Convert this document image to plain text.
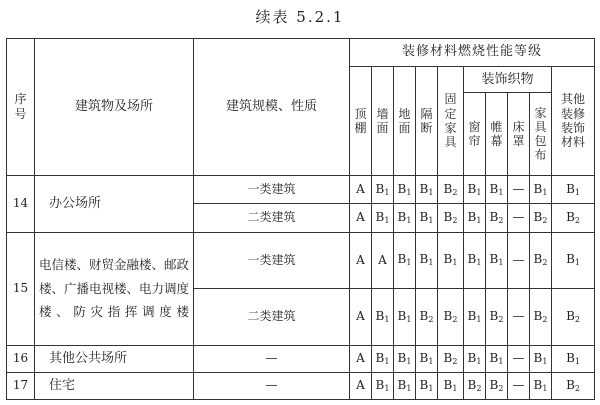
续表 5.2.1
序号	建筑物及场所	建筑规模、性质	装修材料燃烧性能等级									
			顶棚	墙面	地面	隔断	固定家具	装饰织物				其他装修装饰材料
								窗帘	帷幕	床罩	家具包布	
14	办公场所	一类建筑	A	$B_1$	$B_1$	$B_1$	$B_2$	$B_1$	$B_1$	—	$B_1$	$B_1$
		二类建筑	A	$B_1$	$B_1$	$B_1$	$B_2$	$B_1$	$B_2$	—	$B_2$	$B_2$
15	电信楼、财贸金融楼、邮政楼、广播电视楼、电力调度楼、防灾指挥调度楼	一类建筑	A	A	$B_1$	$B_1$	$B_1$	$B_1$	$B_1$	—	$B_2$	$B_1$
		二类建筑	A	$B_1$	$B_1$	$B_2$	$B_2$	$B_1$	$B_2$	—	$B_2$	$B_2$
16	其他公共场所	—	A	$B_1$	$B_1$	$B_1$	$B_2$	$B_1$	$B_1$	—	$B_1$	$B_1$
17	住宅	—	A	$B_1$	$B_1$	$B_1$	$B_1$	$B_2$	$B_2$	—	$B_1$	$B_2$
